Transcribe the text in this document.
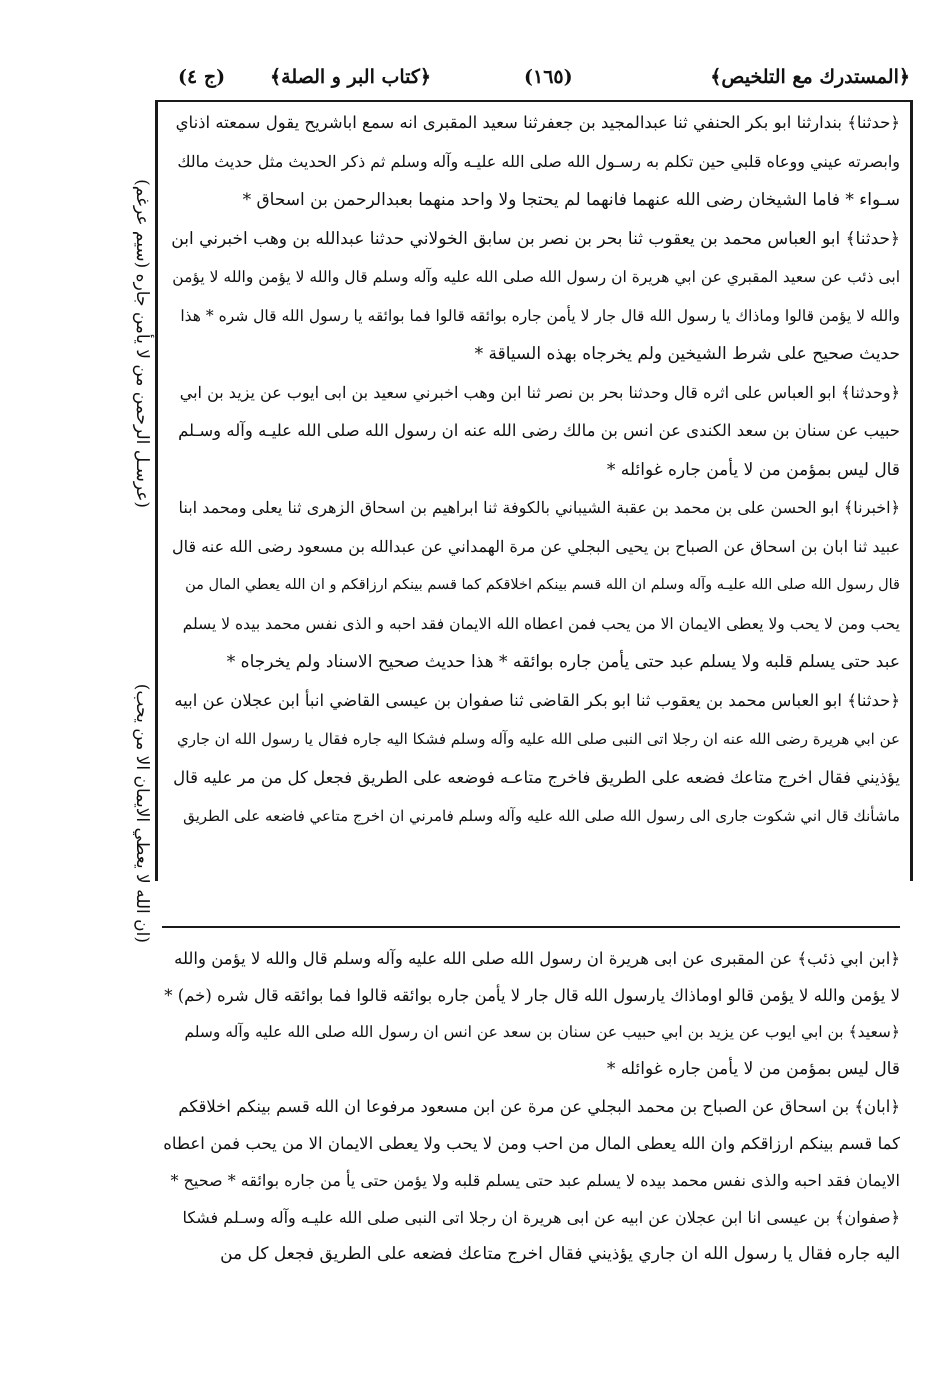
﴿المستدرك مع التلخيص﴾
(١٦٥)
﴿كتاب البر و الصلة﴾
(ج ٤)
﴿حدثنا﴾ بندارثنا ابو بكر الحنفي ثنا عبدالمجيد بن جعفرثنا سعيد المقبرى انه سمع اباشريح يقول سمعته اذناي
وابصرته عيني ووعاه قلبي حين تكلم به رسـول الله صلى الله عليـه وآله وسلم ثم ذكر الحديث مثل حديث مالك
سـواء * فاما الشيخان رضى الله عنهما فانهما لم يحتجا ولا واحد منهما بعبدالرحمن بن اسحاق *
﴿حدثنا﴾ ابو العباس محمد بن يعقوب ثنا بحر بن نصر بن سابق الخولاني حدثنا عبدالله بن وهب اخبرني ابن
ابى ذئب عن سعيد المقبري عن ابي هريرة ان رسول الله صلى الله عليه وآله وسلم قال والله لا يؤمن والله لا يؤمن
والله لا يؤمن قالوا وماذاك يا رسول الله قال جار لا يأمن جاره بوائقه قالوا فما بوائقه يا رسول الله قال شره * هذا
حديث صحيح على شرط الشيخين ولم يخرجاه بهذه السياقة *
﴿وحدثنا﴾ ابو العباس على اثره قال وحدثنا بحر بن نصر ثنا ابن وهب اخبرني سعيد بن ابى ايوب عن يزيد بن ابي
حبيب عن سنان بن سعد الكندى عن انس بن مالك رضى الله عنه ان رسول الله صلى الله عليـه وآله وسـلم
قال ليس بمؤمن من لا يأمن جاره غوائله *
﴿اخبرنا﴾ ابو الحسن على بن محمد بن عقبة الشيباني بالكوفة ثنا ابراهيم بن اسحاق الزهرى ثنا يعلى ومحمد ابنا
عبيد ثنا ابان بن اسحاق عن الصباح بن يحيى البجلي عن مرة الهمداني عن عبدالله بن مسعود رضى الله عنه قال
قال رسول الله صلى الله عليـه وآله وسلم ان الله قسم بينكم اخلاقكم كما قسم بينكم ارزاقكم و ان الله يعطي المال من
يحب ومن لا يحب ولا يعطى الايمان الا من يحب فمن اعطاه الله الايمان فقد احبه و الذى نفس محمد بيده لا يسلم
عبد حتى يسلم قلبه ولا يسلم عبد حتى يأمن جاره بوائقه * هذا حديث صحيح الاسناد ولم يخرجاه *
﴿حدثنا﴾ ابو العباس محمد بن يعقوب ثنا ابو بكر القاضى ثنا صفوان بن عيسى القاضي انبأ ابن عجلان عن ابيه
عن ابي هريرة رضى الله عنه ان رجلا اتى النبى صلى الله عليه وآله وسلم فشكا اليه جاره فقال يا رسول الله ان جاري
يؤذيني فقال اخرج متاعك فضعه على الطريق فاخرج متاعـه فوضعه على الطريق فجعل كل من مر عليه قال
ماشأنك قال اني شكوت جارى الى رسول الله صلى الله عليه وآله وسلم فامرني ان اخرج متاعي فاضعه على الطريق
(عرسـل الرحمن من لا يأمن جاره (سيم عرغم)
(ان الله لا يعطي الايمان الا من يحب)
﴿ابن ابي ذئب﴾ عن المقبرى عن ابى هريرة ان رسول الله صلى الله عليه وآله وسلم قال والله لا يؤمن والله
لا يؤمن والله لا يؤمن قالو اوماذاك يارسول الله قال جار لا يأمن جاره بوائقه قالوا فما بوائقه قال شره (خم) *
﴿سعيد﴾ بن ابي ايوب عن يزيد بن ابي حبيب عن سنان بن سعد عن انس ان رسول الله صلى الله عليه وآله وسلم
قال ليس بمؤمن من لا يأمن جاره غوائله *
﴿ابان﴾ بن اسحاق عن الصباح بن محمد البجلي عن مرة عن ابن مسعود مرفوعا ان الله قسم بينكم اخلاقكم
كما قسم بينكم ارزاقكم وان الله يعطى المال من احب ومن لا يحب ولا يعطى الايمان الا من يحب فمن اعطاه
الايمان فقد احبه والذى نفس محمد بيده لا يسلم عبد حتى يسلم قلبه ولا يؤمن حتى يأ من جاره بوائقه * صحيح *
﴿صفوان﴾ بن عيسى انا ابن عجلان عن ابيه عن ابى هريرة ان رجلا اتى النبى صلى الله عليـه وآله وسـلم فشكا
اليه جاره فقال يا رسول الله ان جاري يؤذيني فقال اخرج متاعك فضعه على الطريق فجعل كل من
